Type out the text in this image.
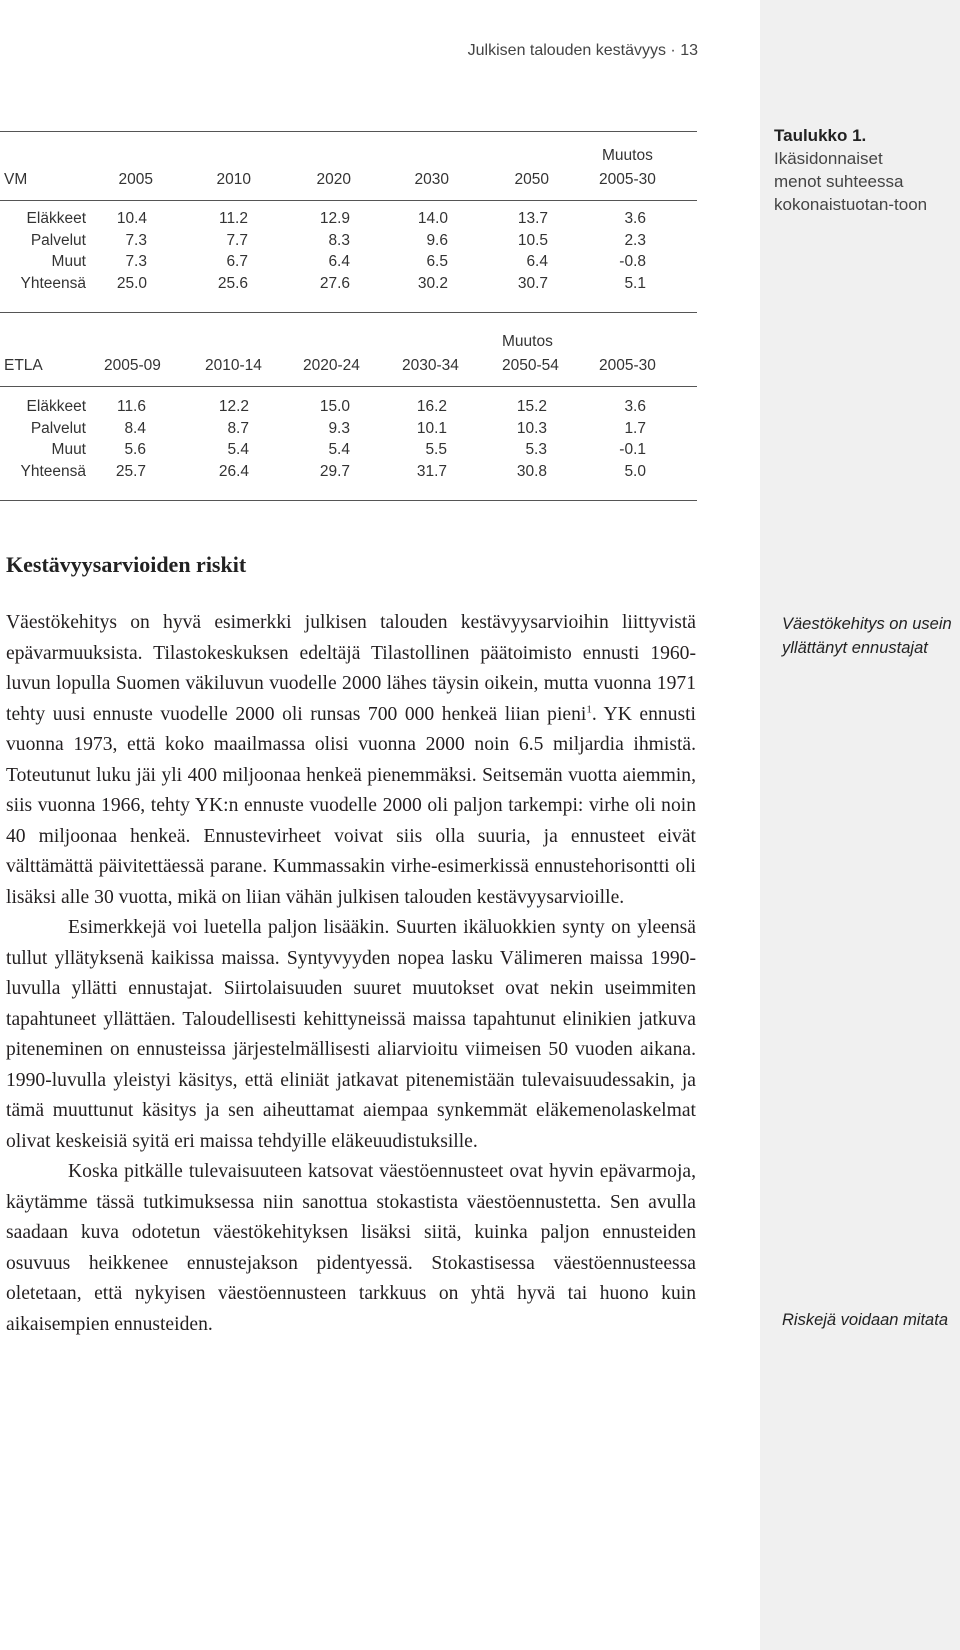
Julkisen talouden kestävyys · 13
Muutos
VM	2005	2010	2020	2030	2050	2005-30
Eläkkeet	10.4	11.2	12.9	14.0	13.7	3.6
Palvelut	7.3	7.7	8.3	9.6	10.5	2.3
Muut	7.3	6.7	6.4	6.5	6.4	-0.8
Yhteensä	25.0	25.6	27.6	30.2	30.7	5.1
Muutos
ETLA	2005-09	2010-14	2020-24	2030-34	2050-54	2005-30
Eläkkeet	11.6	12.2	15.0	16.2	15.2	3.6
Palvelut	8.4	8.7	9.3	10.1	10.3	1.7
Muut	5.6	5.4	5.4	5.5	5.3	-0.1
Yhteensä	25.7	26.4	29.7	31.7	30.8	5.0
Taulukko 1.
Ikäsidonnaiset menot suhteessa kokonaistuotan-toon
Kestävyysarvioiden riskit

Väestökehitys on hyvä esimerkki julkisen talouden kestävyysarvioihin liittyvistä epävarmuuksista. Tilastokeskuksen edeltäjä Tilastollinen päätoimisto ennusti 1960-luvun lopulla Suomen väkiluvun vuodelle 2000 lähes täysin oikein, mutta vuonna 1971 tehty uusi ennuste vuodelle 2000 oli runsas 700 000 henkeä liian pieni$^1$. YK ennusti vuonna 1973, että koko maailmassa olisi vuonna 2000 noin 6.5 miljardia ihmistä. Toteutunut luku jäi yli 400 miljoonaa henkeä pienemmäksi. Seitsemän vuotta aiemmin, siis vuonna 1966, tehty YK:n ennuste vuodelle 2000 oli paljon tarkempi: virhe oli noin 40 miljoonaa henkeä. Ennustevirheet voivat siis olla suuria, ja ennusteet eivät välttämättä päivitettäessä parane. Kummassakin virhe-esimerkissä ennustehorisontti oli lisäksi alle 30 vuotta, mikä on liian vähän julkisen talouden kestävyysarvioille.

Esimerkkejä voi luetella paljon lisääkin. Suurten ikäluokkien synty on yleensä tullut yllätyksenä kaikissa maissa. Syntyvyyden nopea lasku Välimeren maissa 1990-luvulla yllätti ennustajat. Siirtolaisuuden suuret muutokset ovat nekin useimmiten tapahtuneet yllättäen. Taloudellisesti kehittyneissä maissa tapahtunut elinikien jatkuva piteneminen on ennusteissa järjestelmällisesti aliarvioitu viimeisen 50 vuoden aikana. 1990-luvulla yleistyi käsitys, että eliniät jatkavat pitenemistään tulevaisuudessakin, ja tämä muuttunut käsitys ja sen aiheuttamat aiempaa synkemmät eläkemenolaskelmat olivat keskeisiä syitä eri maissa tehdyille eläkeuudistuksille.

Koska pitkälle tulevaisuuteen katsovat väestöennusteet ovat hyvin epävarmoja, käytämme tässä tutkimuksessa niin sanottua stokastista väestöennustetta. Sen avulla saadaan kuva odotetun väestökehityksen lisäksi siitä, kuinka paljon ennusteiden osuvuus heikkenee ennustejakson pidentyessä. Stokastisessa väestöennusteessa oletetaan, että nykyisen väestöennusteen tarkkuus on yhtä hyvä tai huono kuin aikaisempien ennusteiden.

Väestökehitys on usein yllättänyt ennustajat
Riskejä voidaan mitata
